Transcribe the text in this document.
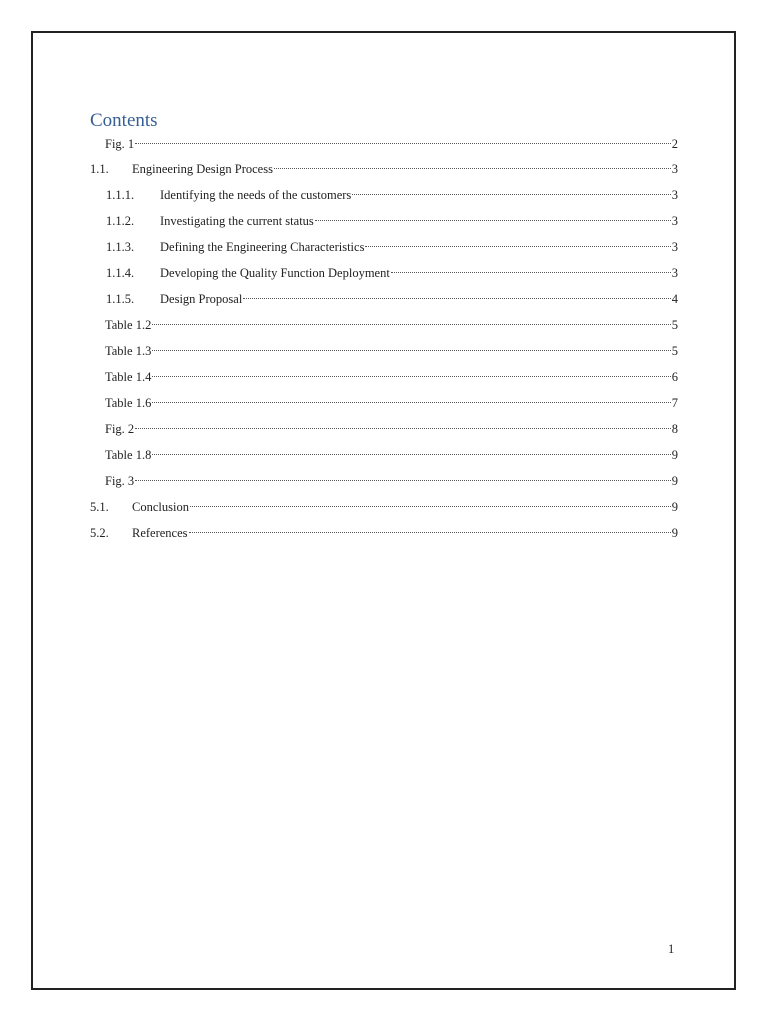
Contents
Fig. 1	2
1.1.	Engineering Design Process	3
1.1.1.	Identifying the needs of the customers	3
1.1.2.	Investigating the current status	3
1.1.3.	Defining the Engineering Characteristics	3
1.1.4.	Developing the Quality Function Deployment	3
1.1.5.	Design Proposal	4
Table 1.2	5
Table 1.3	5
Table 1.4	6
Table 1.6	7
Fig. 2	8
Table 1.8	9
Fig. 3	9
5.1.	Conclusion	9
5.2.	References	9
1
